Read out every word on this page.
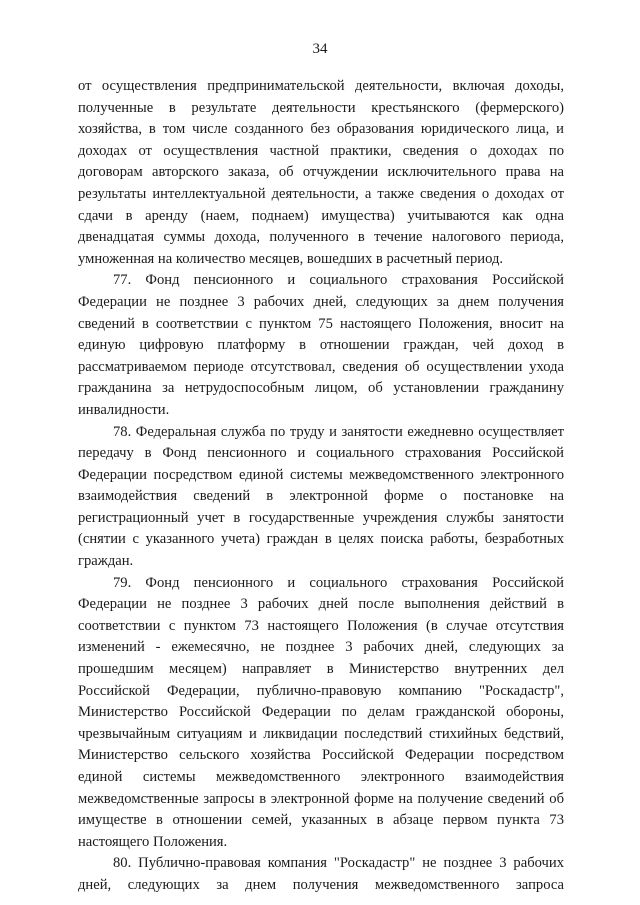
34

от осуществления предпринимательской деятельности, включая доходы, полученные в результате деятельности крестьянского (фермерского) хозяйства, в том числе созданного без образования юридического лица, и доходах от осуществления частной практики, сведения о доходах по договорам авторского заказа, об отчуждении исключительного права на результаты интеллектуальной деятельности, а также сведения о доходах от сдачи в аренду (наем, поднаем) имущества) учитываются как одна двенадцатая суммы дохода, полученного в течение налогового периода, умноженная на количество месяцев, вошедших в расчетный период.

77. Фонд пенсионного и социального страхования Российской Федерации не позднее 3 рабочих дней, следующих за днем получения сведений в соответствии с пунктом 75 настоящего Положения, вносит на единую цифровую платформу в отношении граждан, чей доход в рассматриваемом периоде отсутствовал, сведения об осуществлении ухода гражданина за нетрудоспособным лицом, об установлении гражданину инвалидности.

78. Федеральная служба по труду и занятости ежедневно осуществляет передачу в Фонд пенсионного и социального страхования Российской Федерации посредством единой системы межведомственного электронного взаимодействия сведений в электронной форме о постановке на регистрационный учет в государственные учреждения службы занятости (снятии с указанного учета) граждан в целях поиска работы, безработных граждан.

79. Фонд пенсионного и социального страхования Российской Федерации не позднее 3 рабочих дней после выполнения действий в соответствии с пунктом 73 настоящего Положения (в случае отсутствия изменений - ежемесячно, не позднее 3 рабочих дней, следующих за прошедшим месяцем) направляет в Министерство внутренних дел Российской Федерации, публично-правовую компанию "Роскадастр", Министерство Российской Федерации по делам гражданской обороны, чрезвычайным ситуациям и ликвидации последствий стихийных бедствий, Министерство сельского хозяйства Российской Федерации посредством единой системы межведомственного электронного взаимодействия межведомственные запросы в электронной форме на получение сведений об имуществе в отношении семей, указанных в абзаце первом пункта 73 настоящего Положения.

80. Публично-правовая компания "Роскадастр" не позднее 3 рабочих дней, следующих за днем получения межведомственного запроса
